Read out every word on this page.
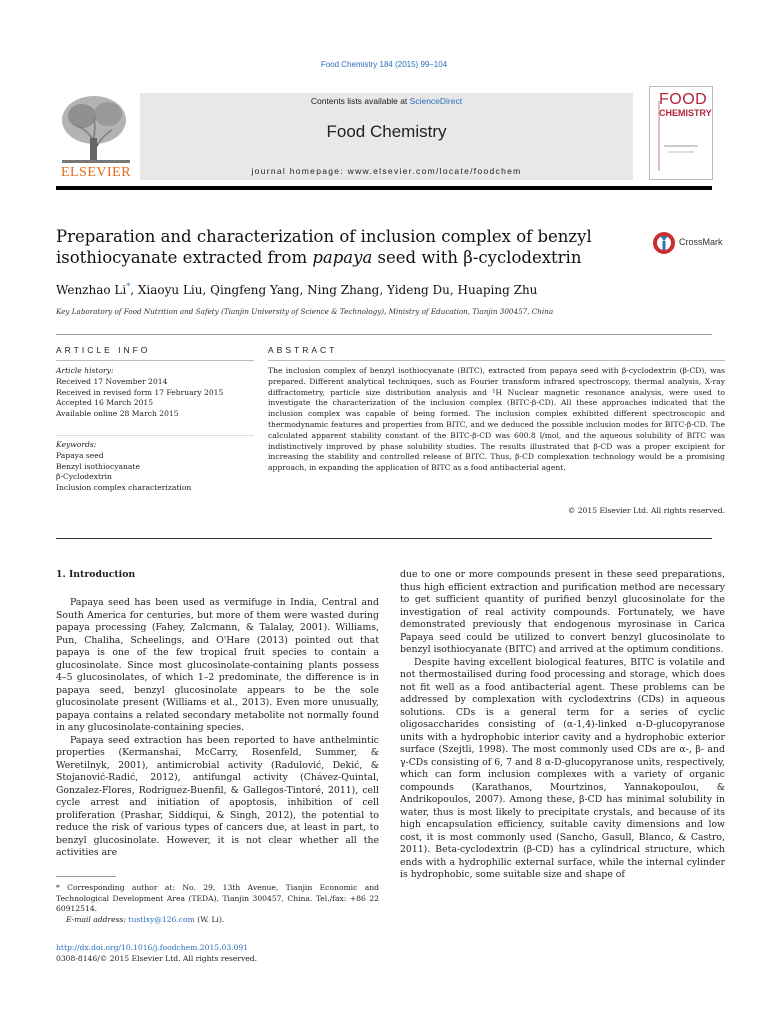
Food Chemistry 184 (2015) 99–104
ELSEVIER
Contents lists available at ScienceDirect
Food Chemistry
journal homepage: www.elsevier.com/locate/foodchem
FOOD
CHEMISTRY
Preparation and characterization of inclusion complex of benzyl isothiocyanate extracted from papaya seed with β-cyclodextrin
CrossMark
Wenzhao Li*, Xiaoyu Liu, Qingfeng Yang, Ning Zhang, Yideng Du, Huaping Zhu
Key Laboratory of Food Nutrition and Safety (Tianjin University of Science & Technology), Ministry of Education, Tianjin 300457, China
ARTICLE INFO
Article history:
Received 17 November 2014
Received in revised form 17 February 2015
Accepted 16 March 2015
Available online 28 March 2015
Keywords:
Papaya seed
Benzyl isothiocyanate
β-Cyclodextrin
Inclusion complex characterization
ABSTRACT
The inclusion complex of benzyl isothiocyanate (BITC), extracted from papaya seed with β-cyclodextrin (β-CD), was prepared. Different analytical techniques, such as Fourier transform infrared spectroscopy, thermal analysis, X-ray diffractometry, particle size distribution analysis and ¹H Nuclear magnetic resonance analysis, were used to investigate the characterization of the inclusion complex (BITC-β-CD). All these approaches indicated that the inclusion complex was capable of being formed. The inclusion complex exhibited different spectroscopic and thermodynamic features and properties from BITC, and we deduced the possible inclusion modes for BITC-β-CD. The calculated apparent stability constant of the BITC-β-CD was 600.8 l/mol, and the aqueous solubility of BITC was indistinctively improved by phase solubility studies. The results illustrated that β-CD was a proper excipient for increasing the stability and controlled release of BITC. Thus, β-CD complexation technology would be a promising approach, in expanding the application of BITC as a food antibacterial agent.
© 2015 Elsevier Ltd. All rights reserved.
1. Introduction

Papaya seed has been used as vermifuge in India, Central and South America for centuries, but more of them were wasted during papaya processing (Fahey, Zalcmann, & Talalay, 2001). Williams, Pun, Chaliha, Scheelings, and O'Hare (2013) pointed out that papaya is one of the few tropical fruit species to contain a glucosinolate. Since most glucosinolate-containing plants possess 4–5 glucosinolates, of which 1–2 predominate, the difference is in papaya seed, benzyl glucosinolate appears to be the sole glucosinolate present (Williams et al., 2013). Even more unusually, papaya contains a related secondary metabolite not normally found in any glucosinolate-containing species.

Papaya seed extraction has been reported to have anthelmintic properties (Kermanshai, McCarry, Rosenfeld, Summer, & Weretilnyk, 2001), antimicrobial activity (Radulović, Dekić, & Stojanović-Radić, 2012), antifungal activity (Chávez-Quintal, Gonzalez-Flores, Rodriguez-Buenfil, & Gallegos-Tintoré, 2011), cell cycle arrest and initiation of apoptosis, inhibition of cell proliferation (Prashar, Siddiqui, & Singh, 2012), the potential to reduce the risk of various types of cancers due, at least in part, to benzyl glucosinolate. However, it is not clear whether all the activities are

due to one or more compounds present in these seed preparations, thus high efficient extraction and purification method are necessary to get sufficient quantity of purified benzyl glucosinolate for the investigation of real activity compounds. Fortunately, we have demonstrated previously that endogenous myrosinase in Carica Papaya seed could be utilized to convert benzyl glucosinolate to benzyl isothiocyanate (BITC) and arrived at the optimum conditions.

Despite having excellent biological features, BITC is volatile and not thermostailised during food processing and storage, which does not fit well as a food antibacterial agent. These problems can be addressed by complexation with cyclodextrins (CDs) in aqueous solutions. CDs is a general term for a series of cyclic oligosaccharides consisting of (α-1,4)-linked α-D-glucopyranose units with a hydrophobic interior cavity and a hydrophobic exterior surface (Szejtli, 1998). The most commonly used CDs are α-, β- and γ-CDs consisting of 6, 7 and 8 α-D-glucopyranose units, respectively, which can form inclusion complexes with a variety of organic compounds (Karathanos, Mourtzinos, Yannakopoulou, & Andrikopoulos, 2007). Among these, β-CD has minimal solubility in water, thus is most likely to precipitate crystals, and because of its high encapsulation efficiency, suitable cavity dimensions and low cost, it is most commonly used (Sancho, Gasull, Blanco, & Castro, 2011). Beta-cyclodextrin (β-CD) has a cylindrical structure, which ends with a hydrophilic external surface, while the internal cylinder is hydrophobic, some suitable size and shape of

* Corresponding author at: No. 29, 13th Avenue, Tianjin Economic and Technological Development Area (TEDA), Tianjin 300457, China. Tel./fax: +86 22 60912514.
E-mail address: tustlxy@126.com (W. Li).
http://dx.doi.org/10.1016/j.foodchem.2015.03.091
0308-8146/© 2015 Elsevier Ltd. All rights reserved.
